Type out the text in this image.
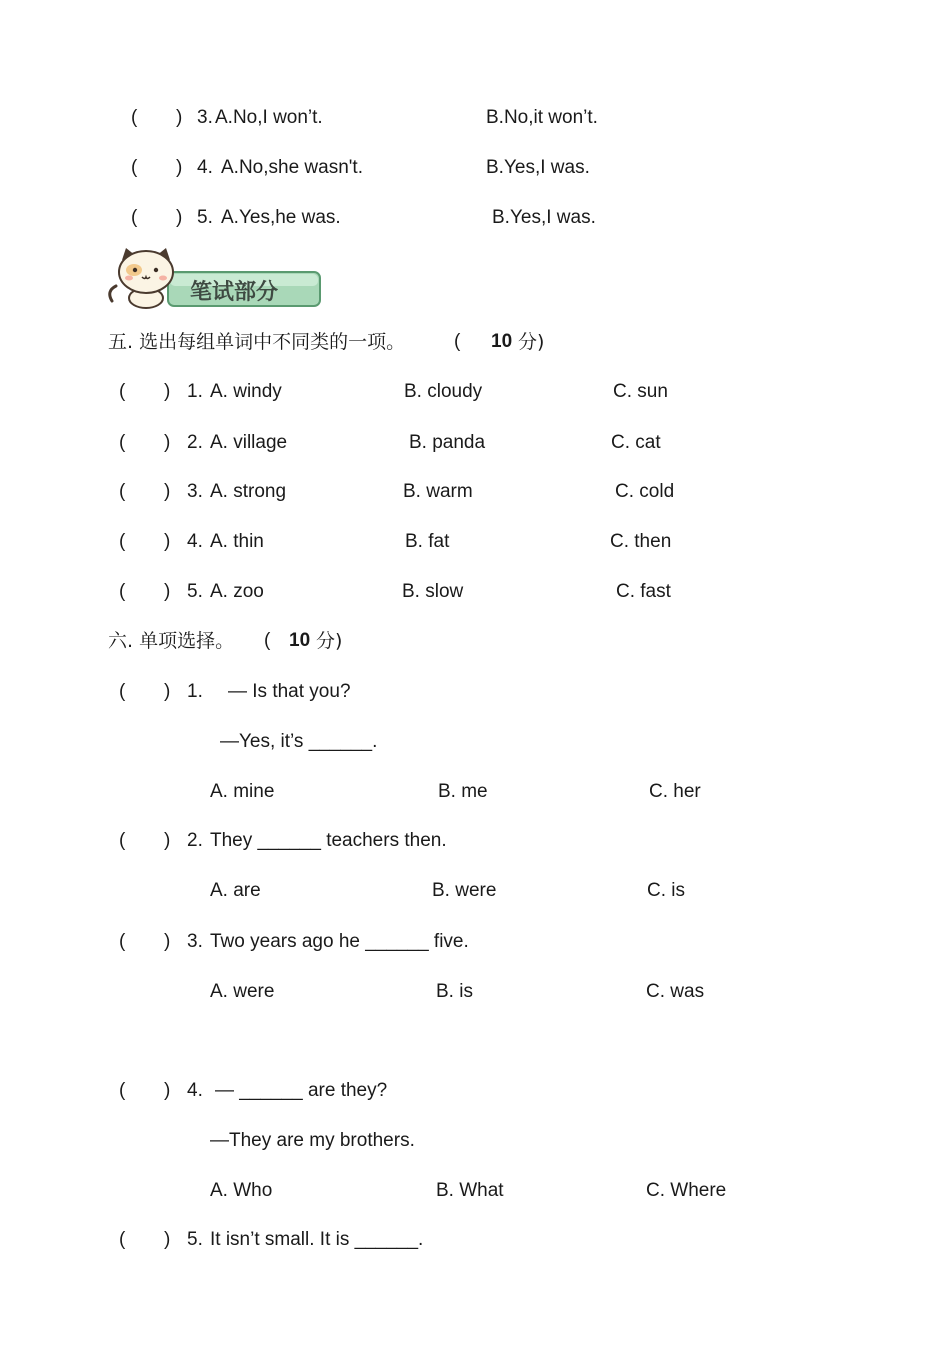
( ) 3. A.No,I won’t.	B.No,it won’t.
( ) 4. A.No,she wasn't.	B.Yes,I was.
( ) 5. A.Yes,he was.	B.Yes,I was.
笔试部分
五. 选出每组单词中不同类的一项。	( 10 分)
( ) 1. A. windy	B. cloudy	C. sun
( ) 2. A. village	B. panda	C. cat
( ) 3. A. strong	B. warm	C. cold
( ) 4. A. thin	B. fat	C. then
( ) 5. A. zoo	B. slow	C. fast
六. 单项选择。 ( 10 分)
( ) 1. — Is that you?
—Yes, it’s ______.
A. mine	B. me	C. her
( ) 2. They ______ teachers then.
A. are	B. were	C. is
( ) 3. Two years ago he ______ five.
A. were	B. is	C. was
( ) 4. — ______ are they?
—They are my brothers.
A. Who	B. What	C. Where
( ) 5. It isn’t small. It is ______.
